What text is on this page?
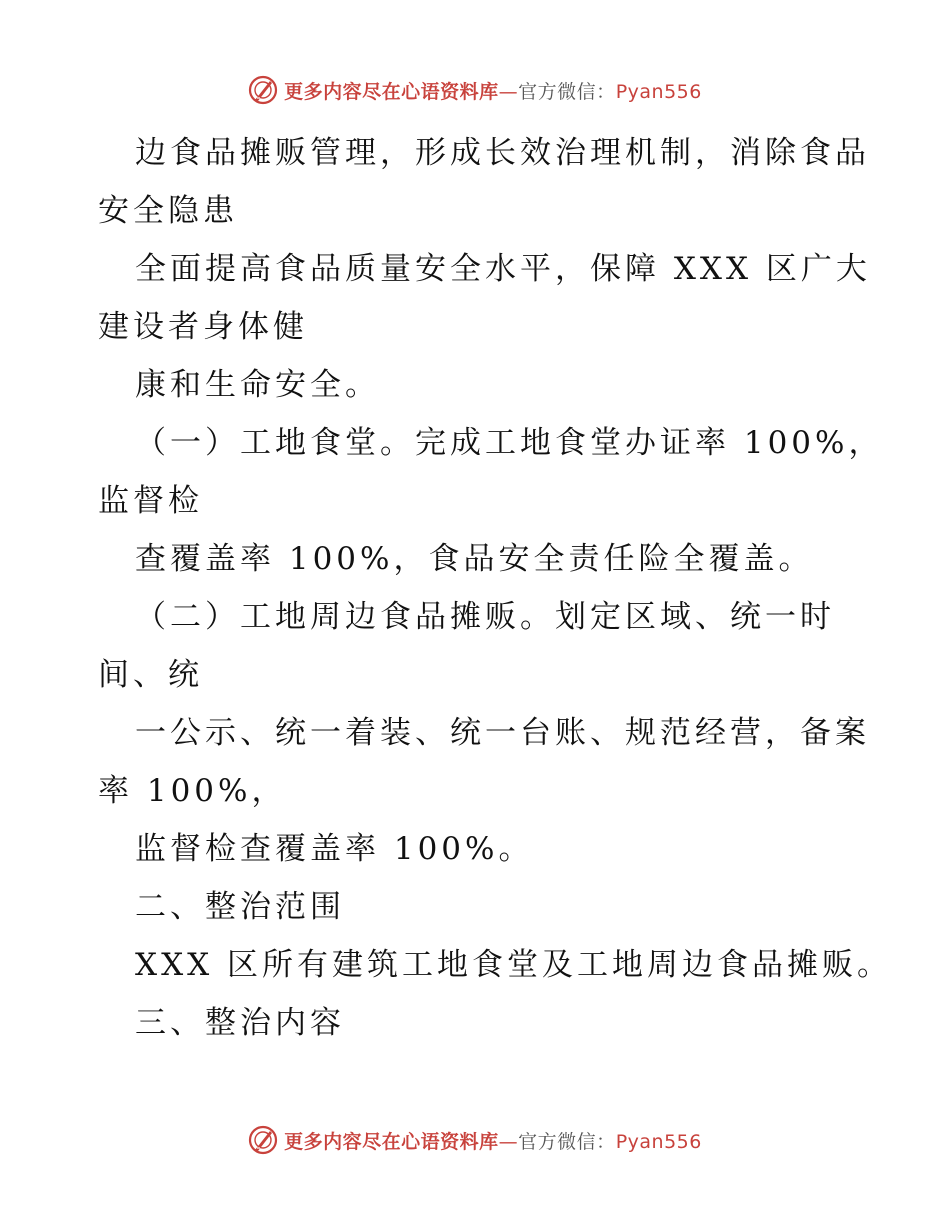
更多内容尽在心语资料库—官方微信：Pyan556
边食品摊贩管理，形成长效治理机制，消除食品
安全隐患
全面提高食品质量安全水平，保障 XXX 区广大
建设者身体健
康和生命安全。
（一）工地食堂。完成工地食堂办证率 100%，
监督检
查覆盖率 100%，食品安全责任险全覆盖。
（二）工地周边食品摊贩。划定区域、统一时
间、统
一公示、统一着装、统一台账、规范经营，备案
率 100%，
监督检查覆盖率 100%。
二、整治范围
XXX 区所有建筑工地食堂及工地周边食品摊贩。
三、整治内容
更多内容尽在心语资料库—官方微信：Pyan556
